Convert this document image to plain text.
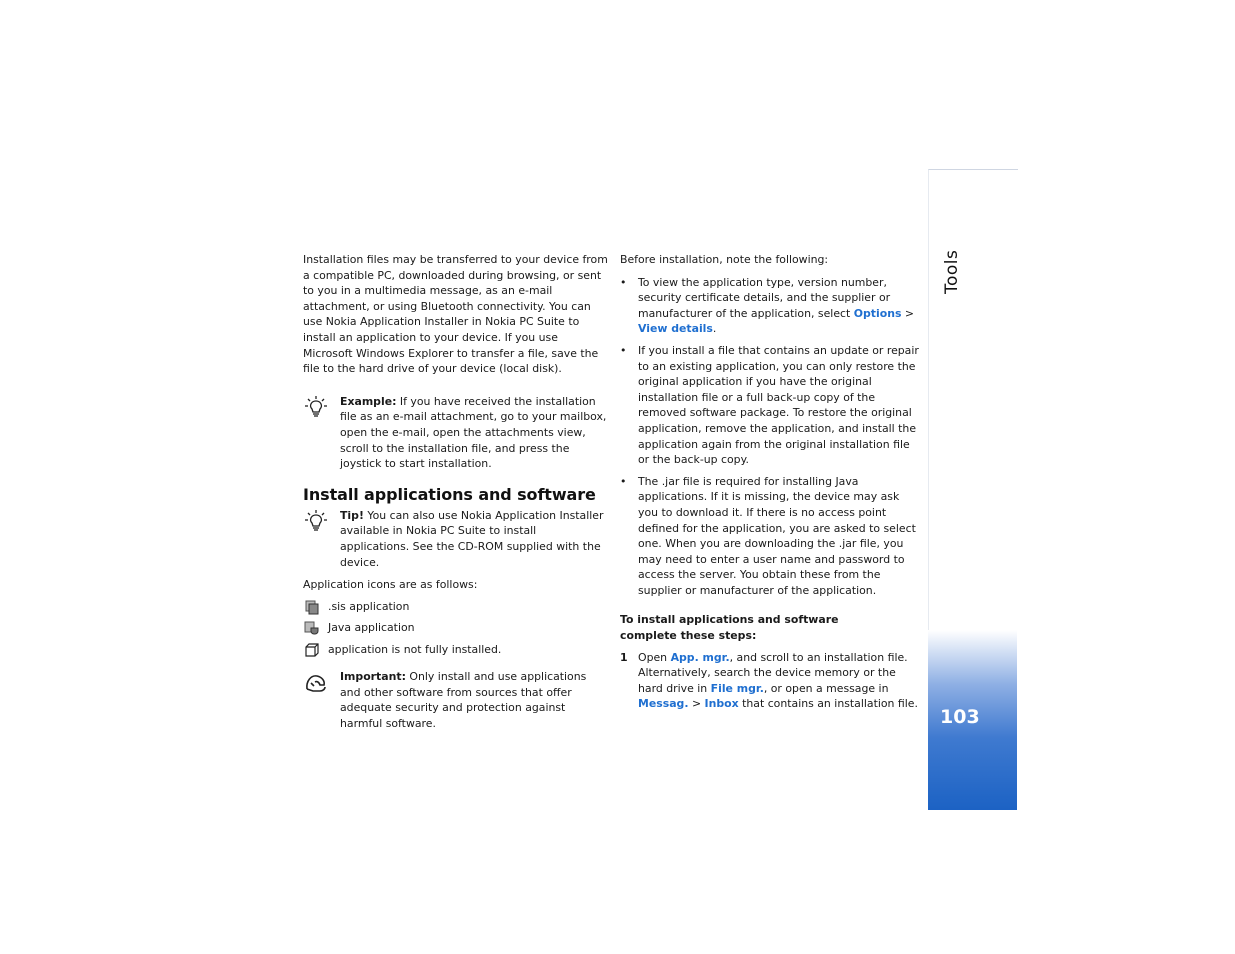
Tools
103

Installation files may be transferred to your device from a compatible PC, downloaded during browsing, or sent to you in a multimedia message, as an e-mail attachment, or using Bluetooth connectivity. You can use Nokia Application Installer in Nokia PC Suite to install an application to your device. If you use Microsoft Windows Explorer to transfer a file, save the file to the hard drive of your device (local disk).

Example: If you have received the installation file as an e-mail attachment, go to your mailbox, open the e-mail, open the attachments view, scroll to the installation file, and press the joystick to start installation.

Install applications and software

Tip! You can also use Nokia Application Installer available in Nokia PC Suite to install applications. See the CD-ROM supplied with the device.

Application icons are as follows:

.sis application
Java application
application is not fully installed.

Important: Only install and use applications and other software from sources that offer adequate security and protection against harmful software.

Before installation, note the following:

• To view the application type, version number, security certificate details, and the supplier or manufacturer of the application, select Options > View details.
• If you install a file that contains an update or repair to an existing application, you can only restore the original application if you have the original installation file or a full back-up copy of the removed software package. To restore the original application, remove the application, and install the application again from the original installation file or the back-up copy.
• The .jar file is required for installing Java applications. If it is missing, the device may ask you to download it. If there is no access point defined for the application, you are asked to select one. When you are downloading the .jar file, you may need to enter a user name and password to access the server. You obtain these from the supplier or manufacturer of the application.

To install applications and software complete these steps:

1 Open App. mgr., and scroll to an installation file. Alternatively, search the device memory or the hard drive in File mgr., or open a message in Messag. > Inbox that contains an installation file.
